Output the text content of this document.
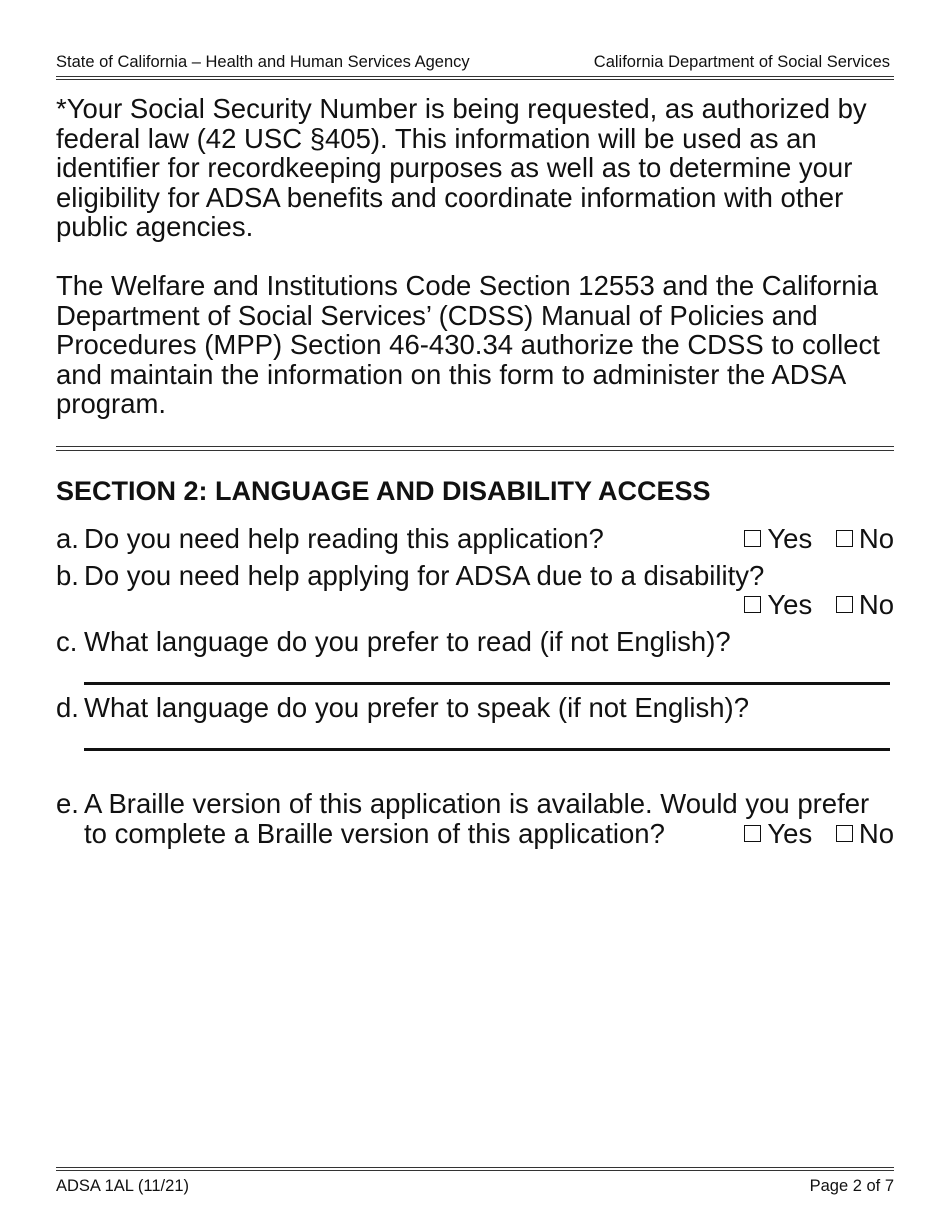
State of California – Health and Human Services Agency	California Department of Social Services

*Your Social Security Number is being requested, as authorized by federal law (42 USC §405). This information will be used as an identifier for recordkeeping purposes as well as to determine your eligibility for ADSA benefits and coordinate information with other public agencies.

The Welfare and Institutions Code Section 12553 and the California Department of Social Services’ (CDSS) Manual of Policies and Procedures (MPP) Section 46-430.34 authorize the CDSS to collect and maintain the information on this form to administer the ADSA program.

SECTION 2: LANGUAGE AND DISABILITY ACCESS
a. Do you need help reading this application?	Yes No
b. Do you need help applying for ADSA due to a disability?
Yes No
c. What language do you prefer to read (if not English)?
d. What language do you prefer to speak (if not English)?
e. A Braille version of this application is available. Would you prefer
to complete a Braille version of this application?	Yes No
ADSA 1AL (11/21)	Page 2 of 7
